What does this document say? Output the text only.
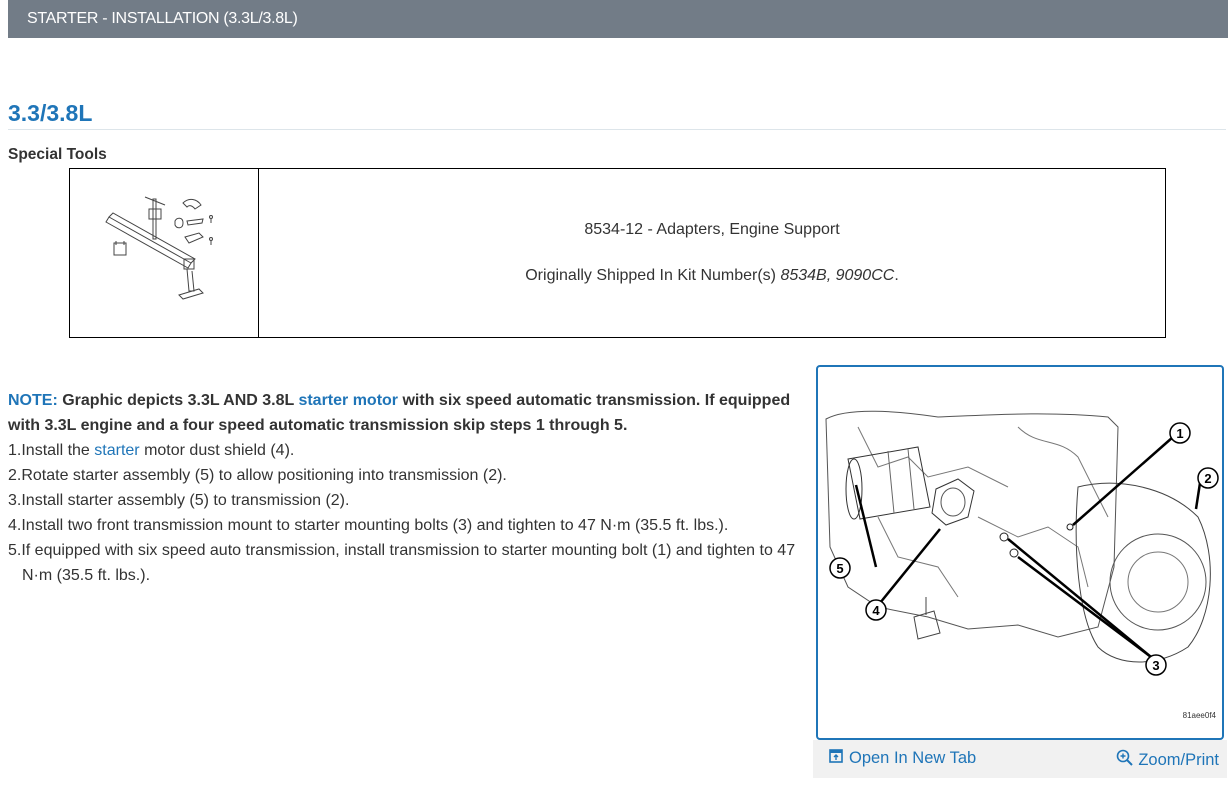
STARTER - INSTALLATION (3.3L/3.8L)
3.3/3.8L
Special Tools

8534-12 - Adapters, Engine Support

Originally Shipped In Kit Number(s) 8534B, 9090CC.

NOTE: Graphic depicts 3.3L AND 3.8L starter motor with six speed automatic transmission. If equipped with 3.3L engine and a four speed automatic transmission skip steps 1 through 5.
1.Install the starter motor dust shield (4).
2.Rotate starter assembly (5) to allow positioning into transmission (2).
3.Install starter assembly (5) to transmission (2).
4.Install two front transmission mount to starter mounting bolts (3) and tighten to 47 N·m (35.5 ft. lbs.).
5.If equipped with six speed auto transmission, install transmission to starter mounting bolt (1) and tighten to 47 N·m (35.5 ft. lbs.).
1
2
3
4
5
81aee0f4
Open In New Tab	Zoom/Print
